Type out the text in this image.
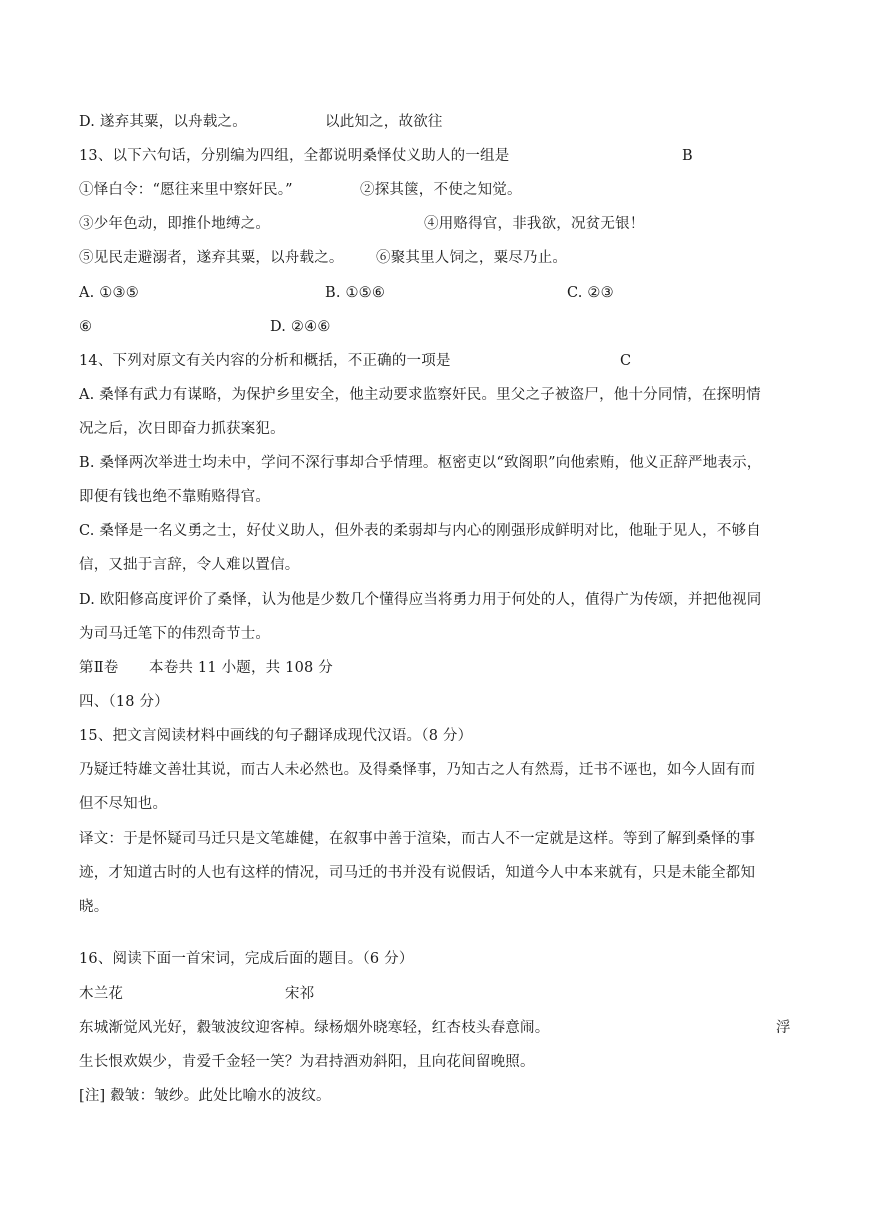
D. 遂弃其粟，以舟载之。	以此知之，故欲往
13、以下六句话，分别编为四组，全都说明桑怿仗义助人的一组是	B
①怿白令：“愿往来里中察奸民。”	②探其箧，不使之知觉。
③少年色动，即推仆地缚之。	④用赂得官，非我欲，况贫无银！
⑤见民走避溺者，遂弃其粟，以舟载之。 ⑥聚其里人饲之，粟尽乃止。
A. ①③⑤	B. ①⑤⑥	C. ②③
⑥	D. ②④⑥
14、下列对原文有关内容的分析和概括，不正确的一项是	C
A. 桑怿有武力有谋略，为保护乡里安全，他主动要求监察奸民。里父之子被盗尸，他十分同情，在探明情
况之后，次日即奋力抓获案犯。
B. 桑怿两次举进士均未中，学问不深行事却合乎情理。枢密吏以“致阁职”向他索贿，他义正辞严地表示，
即便有钱也绝不靠贿赂得官。
C. 桑怿是一名义勇之士，好仗义助人，但外表的柔弱却与内心的刚强形成鲜明对比，他耻于见人，不够自
信，又拙于言辞，令人难以置信。
D. 欧阳修高度评价了桑怿，认为他是少数几个懂得应当将勇力用于何处的人，值得广为传颂，并把他视同
为司马迁笔下的伟烈奇节士。
第Ⅱ卷 本卷共 11 小题，共 108 分
四、（18 分）
15、把文言阅读材料中画线的句子翻译成现代汉语。（8 分）
乃疑迁特雄文善壮其说，而古人未必然也。及得桑怿事，乃知古之人有然焉，迁书不诬也，如今人固有而
但不尽知也。
译文：于是怀疑司马迁只是文笔雄健，在叙事中善于渲染，而古人不一定就是这样。等到了解到桑怿的事
迹，才知道古时的人也有这样的情况，司马迁的书并没有说假话，知道今人中本来就有，只是未能全都知
晓。
16、阅读下面一首宋词，完成后面的题目。（6 分）
木兰花	宋祁
东城渐觉风光好，縠皱波纹迎客棹。绿杨烟外晓寒轻，红杏枝头春意闹。	浮
生长恨欢娱少，肯爱千金轻一笑？为君持酒劝斜阳，且向花间留晚照。
[注] 縠皱：皱纱。此处比喻水的波纹。
